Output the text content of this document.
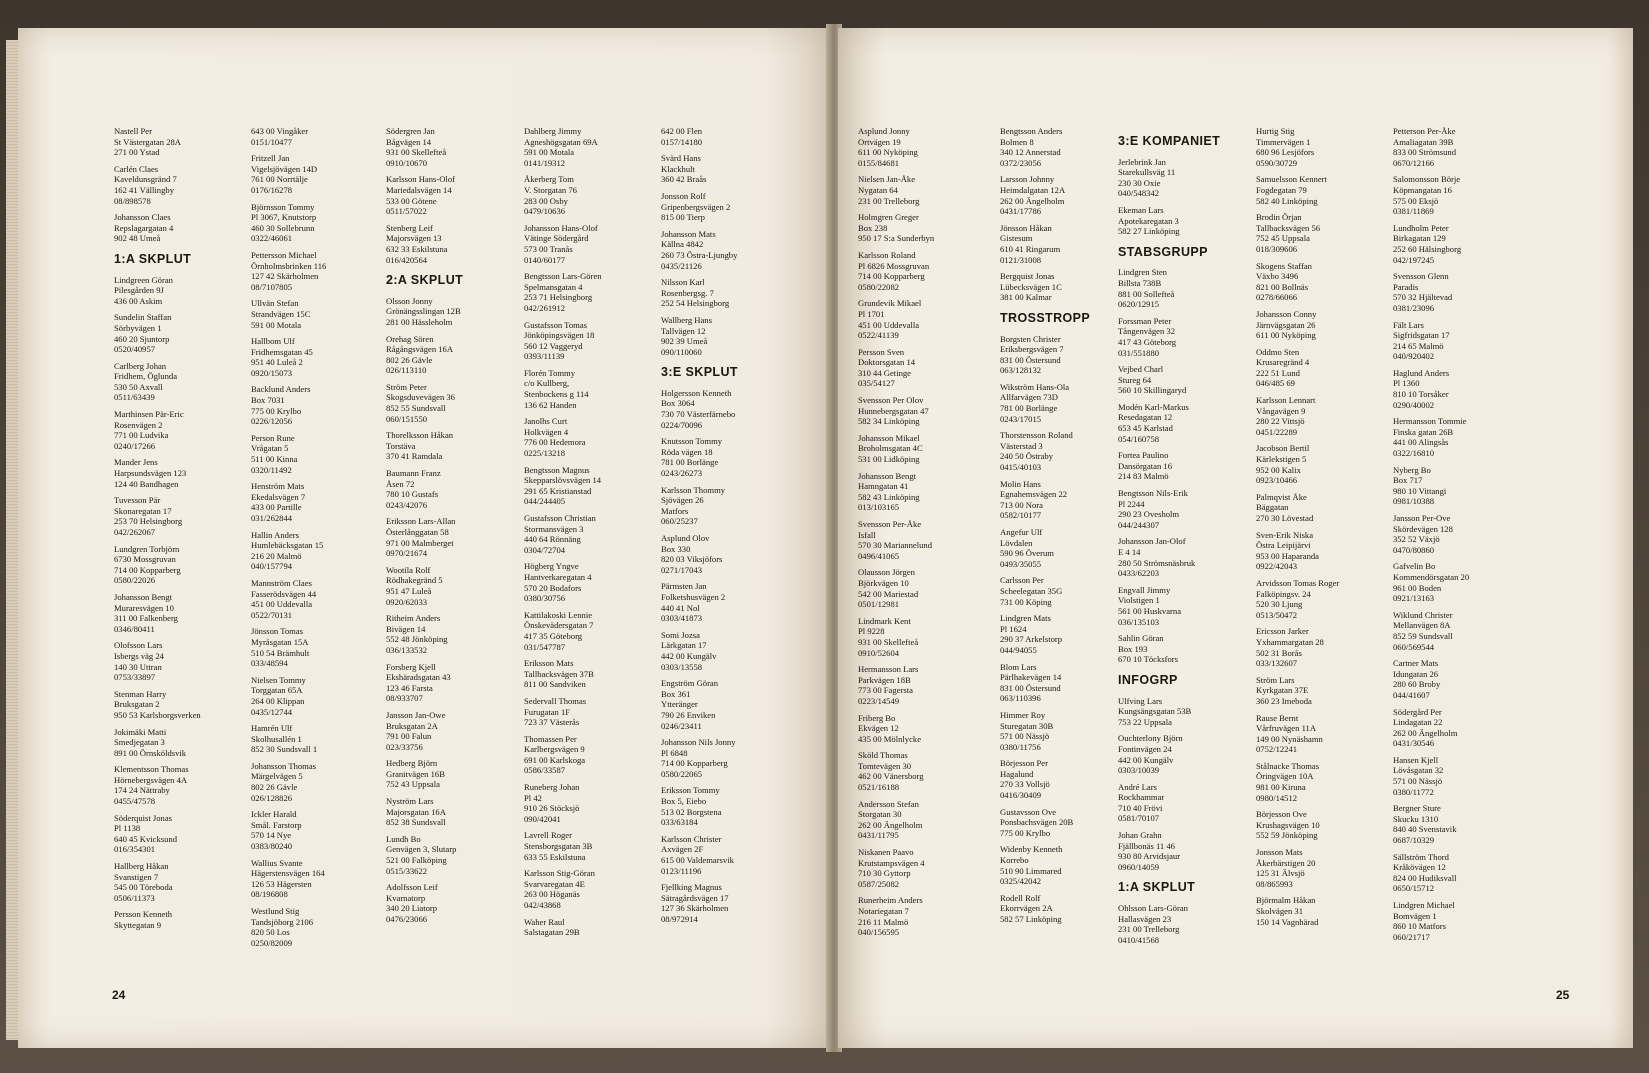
Nastell Per
St Västergatan 28A
271 00 Ystad
Carlén Claes
Kaveldunsgränd 7
162 41 Vällingby
08/898578
Johansson Claes
Repslagargatan 4
902 48 Umeå
1:A SKPLUT
Lindgreen Göran
Pilesgården 9J
436 00 Askim
Sundelin Staffan
Sörbyvägen 1
460 20 Sjuntorp
0520/40957
Carlberg Johan
Fridhem, Öglunda
530 50 Axvall
0511/63439
Marthinsen Pär-Eric
Rosenvägen 2
771 00 Ludvika
0240/17266
Mander Jens
Harpsundsvägen 123
124 40 Bandhagen
Tuvesson Pär
Skonaregatan 17
253 70 Helsingborg
042/262067
Lundgren Torbjörn
6730 Mossgruvan
714 00 Kopparberg
0580/22026
Johansson Bengt
Muraresvägen 10
311 00 Falkenberg
0346/80411
Olofsson Lars
Isbergs väg 24
140 30 Uttran
0753/33897
Stenman Harry
Bruksgatan 2
950 53 Karlsborgsverken
Jokimäki Matti
Smedjegatan 3
891 00 Örnsköldsvik
Klementsson Thomas
Hörnebergsvägen 4A
174 24 Nättraby
0455/47578
Söderquist Jonas
Pl 1138
640 45 Kvicksund
016/354301
Hallberg Håkan
Svanstigen 7
545 00 Töreboda
0506/11373
Persson Kenneth
Skyttegatan 9
643 00 Vingåker
0151/10477
Fritzell Jan
Vigelsjövägen 14D
761 00 Norrtälje
0176/16278
Björnsson Tommy
Pl 3067, Knutstorp
460 30 Sollebrunn
0322/46061
Pettersson Michael
Örnholmsbrinken 116
127 42 Skärholmen
08/7107805
Ullvän Stefan
Strandvägen 15C
591 00 Motala
Hallbom Ulf
Fridhemsgatan 45
951 40 Luleå 2
0920/15073
Backlund Anders
Box 7031
775 00 Krylbo
0226/12056
Person Rune
Vrågatan 5
511 00 Kinna
0320/11492
Henström Mats
Ekedalsvägen 7
433 00 Partille
031/262844
Hallin Anders
Humlebäcksgatan 15
216 20 Malmö
040/157794
Mannström Claes
Fasserödsvägen 44
451 00 Uddevalla
0522/70131
Jönsson Tomas
Myråsgatan 15A
510 54 Brämhult
033/48594
Nielsen Tommy
Torggatan 65A
264 00 Klippan
0435/12744
Hamrén Ulf
Skolhusallén 1
852 30 Sundsvall 1
Johansson Thomas
Märgelvägen 5
802 26 Gävle
026/128826
Ickler Harald
Smål. Farstorp
570 14 Nye
0383/80240
Wallius Svante
Hägerstensvägen 164
126 53 Hägersten
08/196808
Westlund Stig
Tandsjöborg 2106
820 50 Los
0250/82009
Södergren Jan
Bågvägen 14
931 00 Skellefteå
0910/10670
Karlsson Hans-Olof
Mariedalsvägen 14
533 00 Götene
0511/57022
Stenberg Leif
Majorsvägen 13
632 33 Eskilstuna
016/420564
2:A SKPLUT
Olsson Jonny
Grönängsslingan 12B
281 00 Hässleholm
Orehag Sören
Rågångsvägen 16A
802 26 Gävle
026/113110
Ström Peter
Skogsduvevägen 36
852 55 Sundsvall
060/151550
Thorelksson Håkan
Torstäva
370 41 Ramdala
Baumann Franz
Åsen 72
780 10 Gustafs
0243/42076
Eriksson Lars-Allan
Österlånggatan 58
971 00 Malmberget
0970/21674
Wootila Rolf
Rödhakegränd 5
951 47 Luleå
0920/62033
Ritheim Anders
Bivägen 14
552 48 Jönköping
036/133532
Forsberg Kjell
Ekshäradsgatan 43
123 46 Farsta
08/933707
Jansson Jan-Owe
Bruksgatan 2A
791 00 Falun
023/33756
Hedberg Björn
Granitvägen 16B
752 43 Uppsala
Nyström Lars
Majorsgatan 16A
852 38 Sundsvall
Lundh Bo
Genvägen 3, Slutarp
521 00 Falköping
0515/33622
Adolfsson Leif
Kvarnatorp
340 20 Liatorp
0476/23066
Dahlberg Jimmy
Agneshögsgatan 69A
591 00 Motala
0141/19312
Åkerberg Tom
V. Storgatan 76
283 00 Osby
0479/10636
Johansson Hans-Olof
Vätinge Södergård
573 00 Tranås
0140/60177
Bengtsson Lars-Gören
Spelmansgatan 4
253 71 Helsingborg
042/261912
Gustafsson Tomas
Jönköpingsvägen 18
560 12 Vaggeryd
0393/11139
Florén Tommy
c/o Kullberg,
Stenbockens g 114
136 62 Handen
Janolhs Curt
Holkvägen 4
776 00 Hedemora
0225/13218
Bengtsson Magnus
Skepparslövsvägen 14
291 65 Kristianstad
044/244405
Gustafsson Christian
Stormansvägen 3
440 64 Rönnäng
0304/72704
Högberg Yngve
Hantverkaregatan 4
570 20 Bodafors
0380/30756
Kattilakoski Lennie
Önskevädersgatan 7
417 35 Göteborg
031/547787
Eriksson Mats
Tallbacksvägen 37B
811 00 Sandviken
Sedervall Thomas
Furugatan 1F
723 37 Västerås
Thomassen Per
Karlbergsvägen 9
691 00 Karlskoga
0586/33587
Runeberg Johan
Pl 42
910 26 Stöcksjö
090/42041
Lavrell Roger
Stensborgsgatan 3B
633 55 Eskilstuna
Karlsson Stig-Göran
Svarvaregatan 4E
263 00 Höganäs
042/43868
Waher Raul
Salstagatan 29B
642 00 Flen
0157/14180
Svärd Hans
Klackhult
360 42 Braås
Jonsson Rolf
Gripenbergsvägen 2
815 00 Tierp
Johansson Mats
Källna 4842
260 73 Östra-Ljungby
0435/21126
Nilsson Karl
Rosenbergsg. 7
252 54 Helsingborg
Wallberg Hans
Tallvägen 12
902 39 Umeå
090/110060
3:E SKPLUT
Holgersson Kenneth
Box 3064
730 70 Västerfärnebo
0224/70096
Knutsson Tommy
Röda vägen 18
781 00 Borlänge
0243/26273
Karlsson Thommy
Sjövägen 26
Matfors
060/25237
Asplund Olov
Box 330
820 03 Viksjöfors
0271/17043
Pärmsten Jan
Folketshusvägen 2
440 41 Nol
0303/41873
Somi Jozsa
Lärkgatan 17
442 00 Kungälv
0303/13558
Engström Göran
Box 361
Ytteränger
790 26 Enviken
0246/23411
Johansson Nils Jonny
Pl 6848
714 00 Kopparberg
0580/22065
Eriksson Tommy
Box 5, Eiebo
513 02 Borgstena
033/63184
Karlsson Christer
Axvägen 2F
615 00 Valdemarsvik
0123/11196
Fjellking Magnus
Sätragårdsvägen 17
127 36 Skärholmen
08/972914
24
Asplund Jonny
Ortvägen 19
611 00 Nyköping
0155/84681
Nielsen Jan-Åke
Nygatan 64
231 00 Trelleborg
Holmgren Greger
Box 238
950 17 S:a Sunderbyn
Karlsson Roland
Pl 6826 Mossgruvan
714 00 Kopparberg
0580/22082
Grundevik Mikael
Pl 1701
451 00 Uddevalla
0522/41139
Persson Sven
Doktorsgatan 14
310 44 Getinge
035/54127
Svensson Per Olov
Hunnebergsgatan 47
582 34 Linköping
Johansson Mikael
Broholmsgatan 4C
531 00 Lidköping
Johansson Bengt
Hamngatan 41
582 43 Linköping
013/103165
Svensson Per-Åke
Isfall
570 30 Mariannelund
0496/41065
Olausson Jörgen
Björkvägen 10
542 00 Mariestad
0501/12981
Lindmark Kent
Pl 9228
931 00 Skellefteå
0910/52604
Hermansson Lars
Parkvägen 18B
773 00 Fagersta
0223/14549
Friberg Bo
Ekvägen 12
435 00 Mölnlycke
Sköld Thomas
Tomtevägen 30
462 00 Vänersborg
0521/16188
Andersson Stefan
Storgatan 30
262 00 Ängelholm
0431/11795
Niskanen Paavo
Krutstampsvägen 4
710 30 Gyttorp
0587/25082
Runerheim Anders
Notariegatan 7
216 11 Malmö
040/156595
Bengtsson Anders
Bolmen 8
340 12 Annerstad
0372/23056
Larsson Johnny
Heimdalgatan 12A
262 00 Ängelholm
0431/17786
Jönsson Håkan
Gistesum
610 41 Ringarum
0121/31008
Bergquist Jonas
Lübecksvägen 1C
381 00 Kalmar
TROSSTROPP
Borgsten Christer
Eriksbergsvägen 7
831 00 Östersund
063/128132
Wikström Hans-Ola
Allfarvägen 73D
781 00 Borlänge
0243/17015
Thorstensson Roland
Västerstad 3
240 50 Östraby
0415/40103
Molin Hans
Egnahemsvägen 22
713 00 Nora
0582/10177
Angefur Ulf
Lövdalen
590 96 Överum
0493/35055
Carlsson Per
Scheelegatan 35G
731 00 Köping
Lindgren Mats
Pl 1624
290 37 Arkelstorp
044/94055
Blom Lars
Pärlhakevägen 14
831 00 Östersund
063/110396
Himmer Roy
Sturegatan 30B
571 00 Nässjö
0380/11756
Börjesson Per
Hagalund
270 33 Vollsjö
0416/30409
Gustavsson Ove
Ponsbachsvägen 20B
775 00 Krylbo
Widenby Kenneth
Korrebo
510 90 Limmared
0325/42042
Rodell Rolf
Ekorrvägen 2A
582 57 Linköping
3:E KOMPANIET
Jerlebrink Jan
Starekullsväg 11
230 30 Oxie
040/548342
Ekeman Lars
Apotekaregatan 3
582 27 Linköping
STABSGRUPP
Lindgren Sten
Billsta 738B
881 00 Sollefteå
0620/12915
Forssman Peter
Tångenvägen 32
417 43 Göteborg
031/551880
Vejbed Charl
Stureg 64
560 10 Skillingaryd
Modén Karl-Markus
Resedagatan 12
653 45 Karlstad
054/160758
Fortea Paulino
Dansörgatan 16
214 83 Malmö
Bengtsson Nils-Erik
Pl 2244
290 23 Ovesholm
044/244307
Johansson Jan-Olof
E 4 14
280 50 Strömsnäsbruk
0433/62203
Engvall Jimmy
Violstigen 1
561 00 Huskvarna
036/135103
Sahlin Göran
Box 193
670 10 Töcksfors
INFOGRP
Ulfving Lars
Kungsängsgatan 53B
753 22 Uppsala
Ouchterlony Björn
Fontinvägen 24
442 00 Kungälv
0303/10039
André Lars
Rockhammar
710 40 Frövi
0581/70107
Johan Grahn
Fjällbonäs 11 46
930 80 Arvidsjaur
0960/14059
1:A SKPLUT
Ohlsson Lars-Göran
Hallasvägen 23
231 00 Trelleborg
0410/41568
Hurtig Stig
Timmervägen 1
680 96 Lesjöfors
0590/30729
Samuelsson Kennert
Fogdegatan 79
582 40 Linköping
Brodin Örjan
Tallbacksvägen 56
752 45 Uppsala
018/309606
Skogens Staffan
Växbo 3496
821 00 Bollnäs
0278/66066
Johansson Conny
Järnvägsgatan 26
611 00 Nyköping
Oddmo Sten
Krusaregränd 4
222 51 Lund
046/485 69
Karlsson Lennart
Vångavägen 9
280 22 Vittsjö
0451/22289
Jacobson Bertil
Kärlekstigen 5
952 00 Kalix
0923/10466
Palmqvist Åke
Bäggatan
270 30 Lövestad
Sven-Erik Niska
Östra Leipijärvi
953 00 Haparanda
0922/42043
Arvidsson Tomas Roger
Falköpingsv. 24
520 30 Ljung
0513/50472
Ericsson Jarker
Yxhammargatan 28
502 31 Borås
033/132607
Ström Lars
Kyrkgatan 37E
360 23 Imeboda
Rause Bernt
Vårfruvägen 11A
149 00 Nynäshamn
0752/12241
Stålnacke Thomas
Öringvägen 10A
981 00 Kiruna
0980/14512
Börjesson Ove
Krushagsvägen 10
552 59 Jönköping
Jonsson Mats
Åkerbärstigen 20
125 31 Älvsjö
08/865993
Björmalm Håkan
Skolvägen 31
150 14 Vagnhärad
Petterson Per-Åke
Amaliagatan 39B
833 00 Strömsund
0670/12166
Salomonsson Börje
Köpmangatan 16
575 00 Eksjö
0381/11869
Lundholm Peter
Birkagatan 129
252 60 Hälsingborg
042/197245
Svensson Glenn
Paradis
570 32 Hjältevad
0381/23096
Fält Lars
Sigfridsgatan 17
214 65 Malmö
040/920402
Haglund Anders
Pl 1360
810 10 Torsåker
0290/40002
Hermansson Tommie
Finska gatan 26B
441 00 Alingsås
0322/16810
Nyberg Bo
Box 717
980 10 Vittangi
0981/10388
Jansson Per-Ove
Skördevägen 128
352 52 Växjö
0470/80860
Gafvelin Bo
Kommendörsgatan 20
961 00 Boden
0921/13163
Wiklund Christer
Mellanvägen 8A
852 59 Sundsvall
060/569544
Cartner Mats
Idungatan 26
280 60 Broby
044/41607
Södergård Per
Lindagatan 22
262 00 Ängelholm
0431/30546
Hansen Kjell
Lövåsgatan 32
571 00 Nässjö
0380/11772
Bergner Sture
Skucku 1310
840 40 Svenstavik
0687/10329
Sällström Thord
Kråkövägen 12
824 00 Hudiksvall
0650/15712
Lindgren Michael
Bomvägen 1
860 10 Matfors
060/21717
25
